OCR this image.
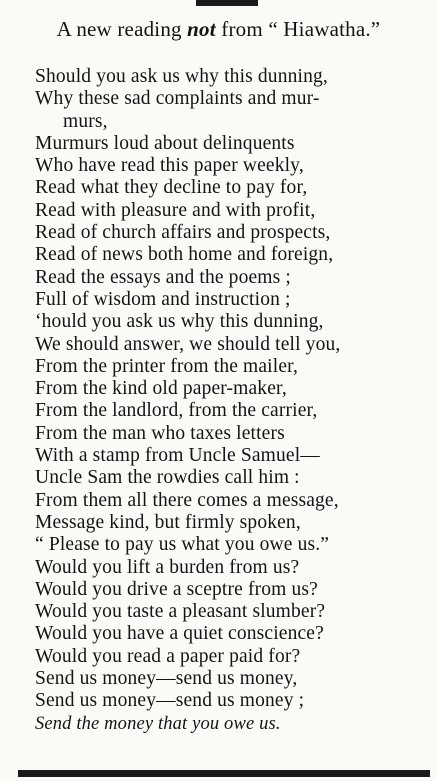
A new reading not from “ Hiawatha.”
Should you ask us why this dunning,
Why these sad complaints and mur-
murs,
Murmurs loud about delinquents
Who have read this paper weekly,
Read what they decline to pay for,
Read with pleasure and with profit,
Read of church affairs and prospects,
Read of news both home and foreign,
Read the essays and the poems ;
Full of wisdom and instruction ;
‘hould you ask us why this dunning,
We should answer, we should tell you,
From the printer from the mailer,
From the kind old paper-maker,
From the landlord, from the carrier,
From the man who taxes letters
With a stamp from Uncle Samuel—
Uncle Sam the rowdies call him :
From them all there comes a message,
Message kind, but firmly spoken,
“ Please to pay us what you owe us.”
Would you lift a burden from us?
Would you drive a sceptre from us?
Would you taste a pleasant slumber?
Would you have a quiet conscience?
Would you read a paper paid for?
Send us money—send us money,
Send us money—send us money ;
Send the money that you owe us.
